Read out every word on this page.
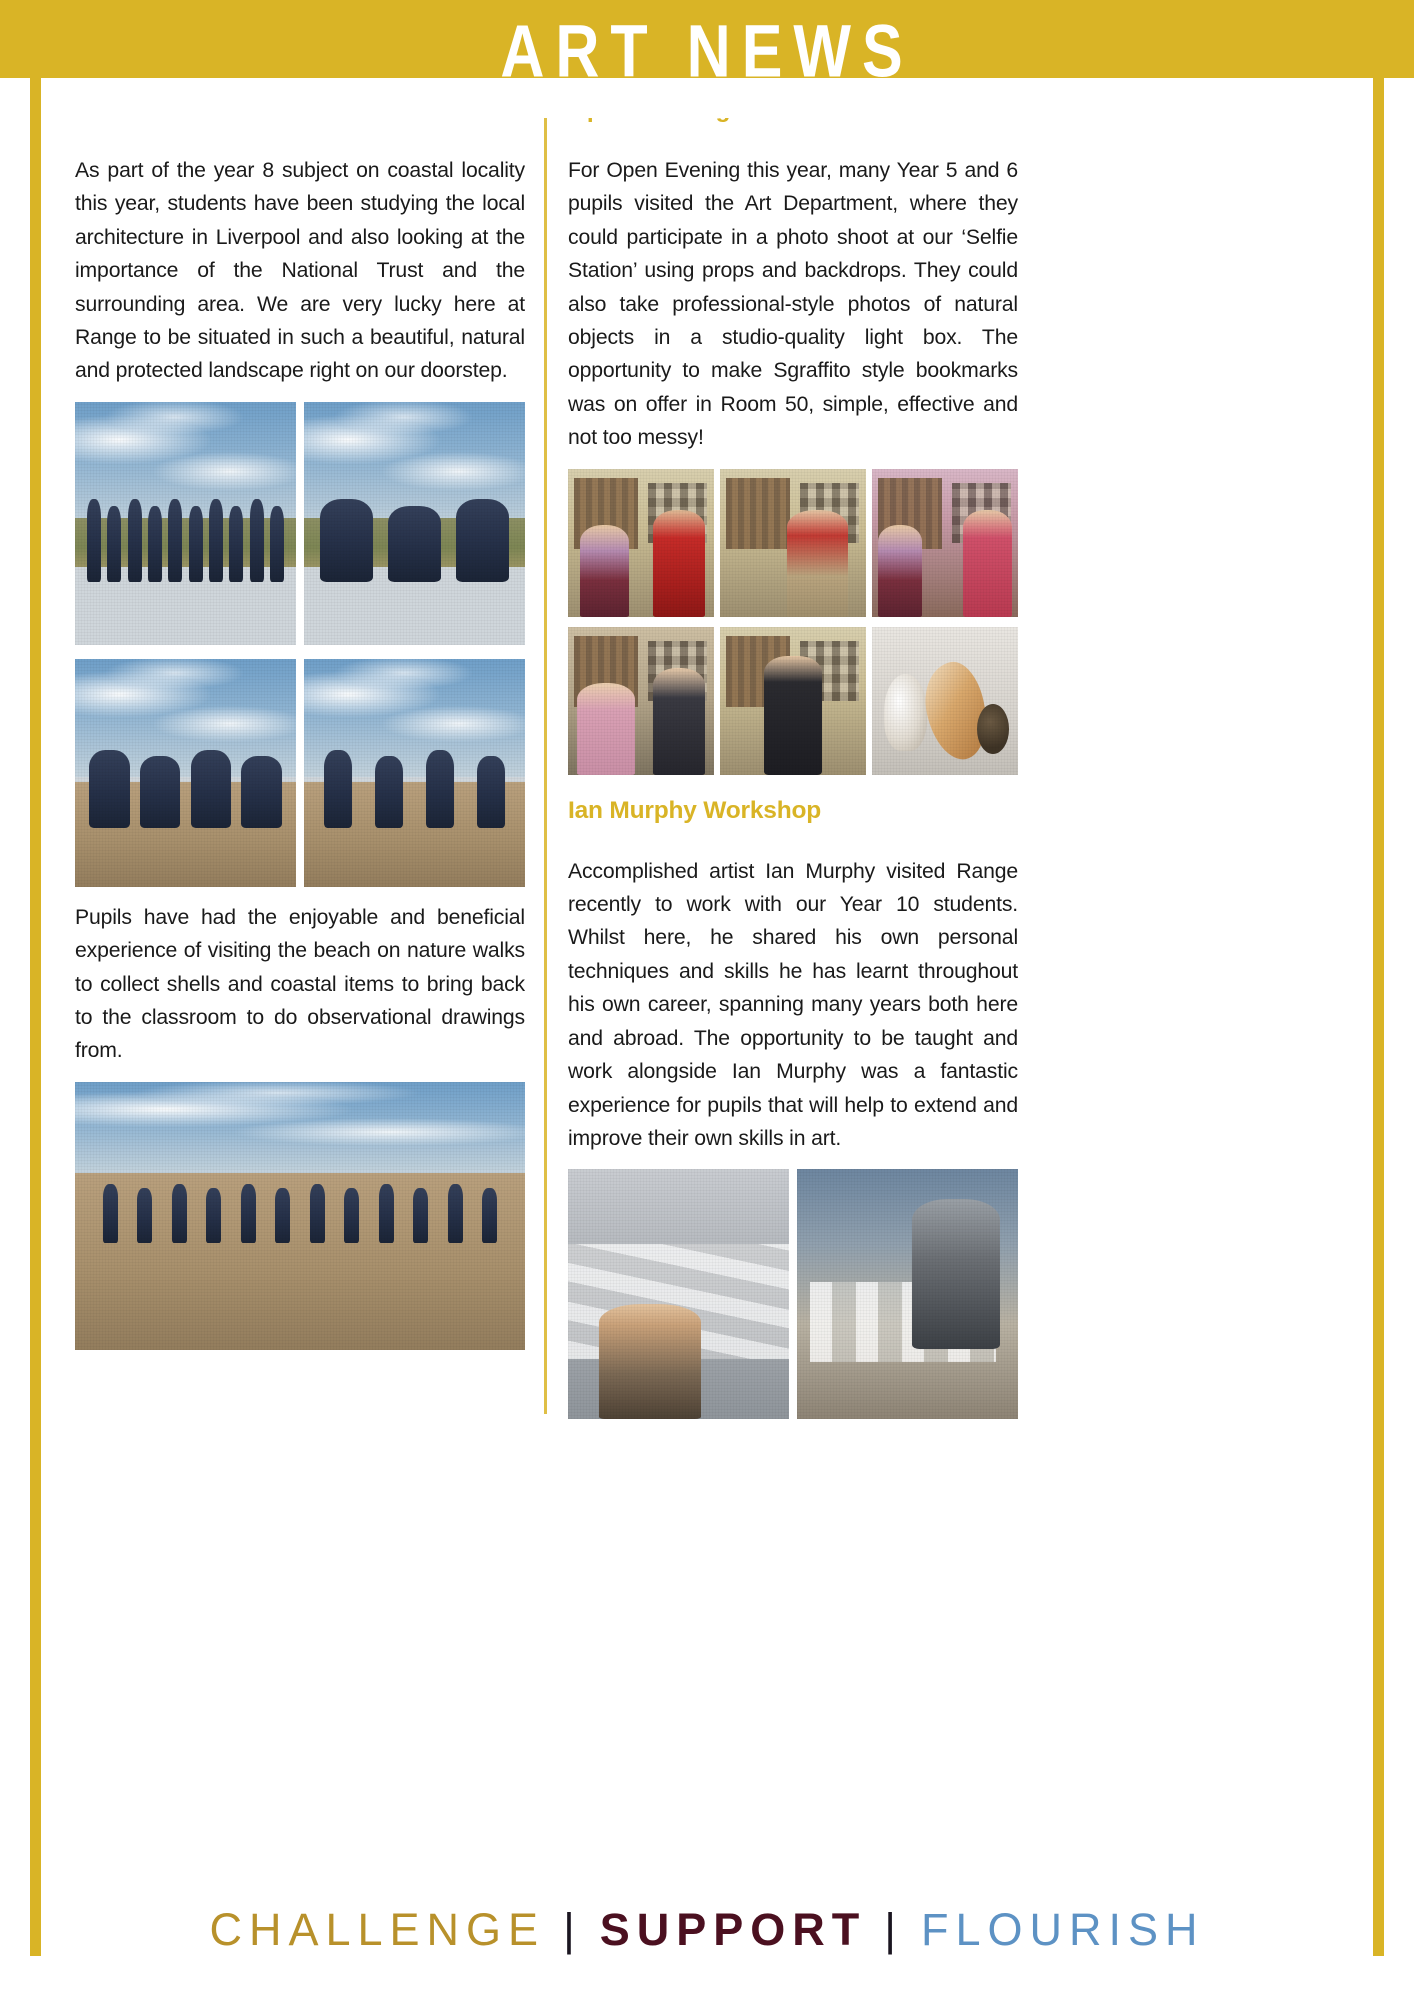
ART NEWS

As part of the year 8 subject on coastal locality this year, students have been studying the local architecture in Liverpool and also looking at the importance of the National Trust and the surrounding area. We are very lucky here at Range to be situated in such a beautiful, natural and protected landscape right on our doorstep.

Pupils have had the enjoyable and beneficial experience of visiting the beach on nature walks to collect shells and coastal items to bring back to the classroom to do observational drawings from.

For Open Evening this year, many Year 5 and 6 pupils visited the Art Department, where they could participate in a photo shoot at our ‘Selfie Station’ using props and backdrops. They could also take professional-style photos of natural objects in a studio-quality light box. The opportunity to make Sgraffito style bookmarks was on offer in Room 50, simple, effective and not too messy!

Ian Murphy Workshop

Accomplished artist Ian Murphy visited Range recently to work with our Year 10 students. Whilst here, he shared his own personal techniques and skills he has learnt throughout his own career, spanning many years both here and abroad. The opportunity to be taught and work alongside Ian Murphy was a fantastic experience for pupils that will help to extend and improve their own skills in art.

CHALLENGE | SUPPORT | FLOURISH
